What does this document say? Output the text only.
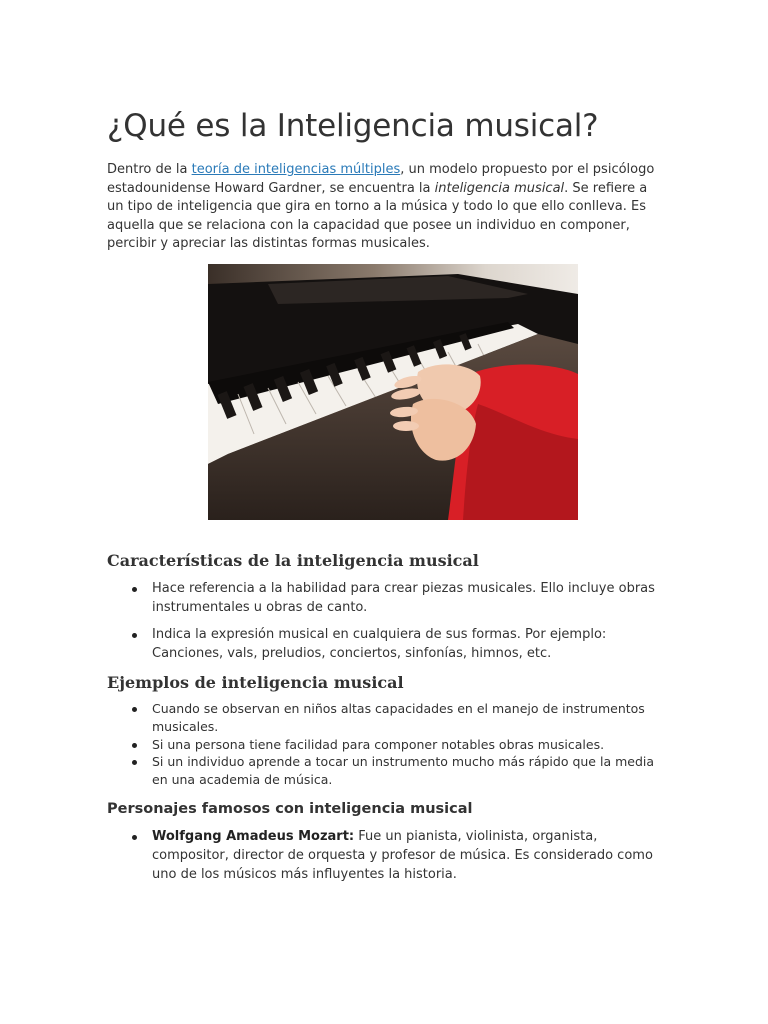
¿Qué es la Inteligencia musical?

Dentro de la teoría de inteligencias múltiples, un modelo propuesto por el psicólogo estadounidense Howard Gardner, se encuentra la inteligencia musical. Se refiere a un tipo de inteligencia que gira en torno a la música y todo lo que ello conlleva. Es aquella que se relaciona con la capacidad que posee un individuo en componer, percibir y apreciar las distintas formas musicales.

Características de la inteligencia musical
Hace referencia a la habilidad para crear piezas musicales. Ello incluye obras instrumentales u obras de canto.
Indica la expresión musical en cualquiera de sus formas. Por ejemplo: Canciones, vals, preludios, conciertos, sinfonías, himnos, etc.
Ejemplos de inteligencia musical
Cuando se observan en niños altas capacidades en el manejo de instrumentos musicales.
Si una persona tiene facilidad para componer notables obras musicales.
Si un individuo aprende a tocar un instrumento mucho más rápido que la media en una academia de música.
Personajes famosos con inteligencia musical
Wolfgang Amadeus Mozart: Fue un pianista, violinista, organista, compositor, director de orquesta y profesor de música. Es considerado como uno de los músicos más influyentes la historia.
